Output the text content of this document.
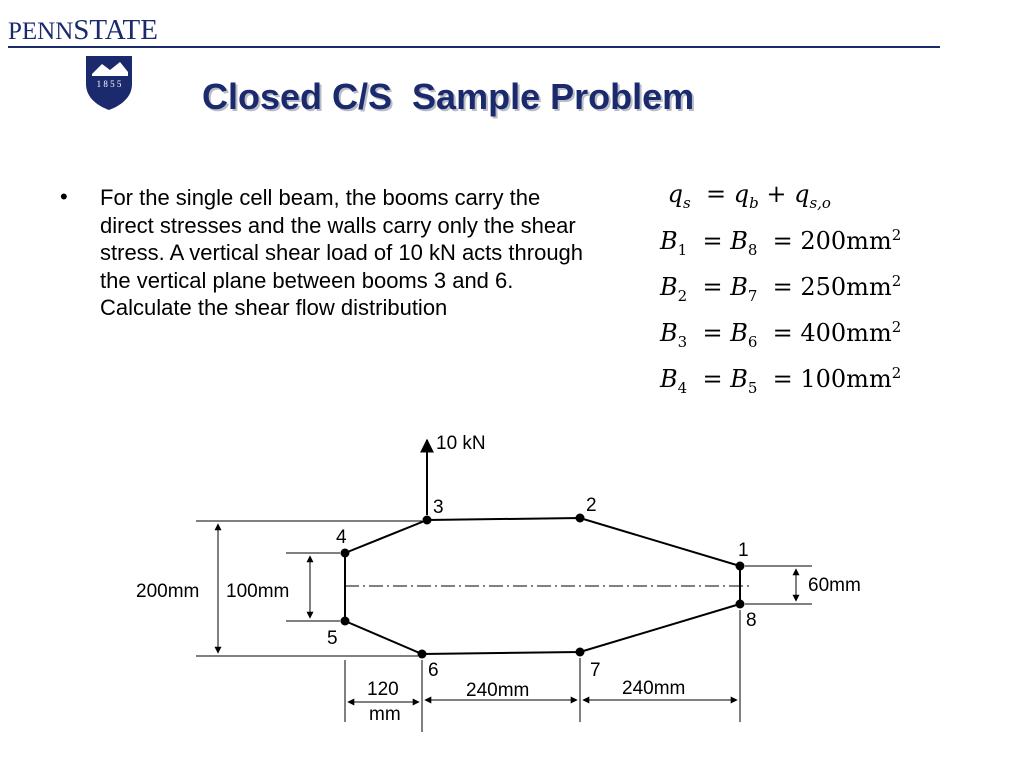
PENNSTATE
1 8 5 5 Closed C/S  Sample Problem
• For the single cell beam, the booms carry the direct stresses and the walls carry only the shear stress. A vertical shear load of 10 kN acts through the vertical plane between booms 3 and 6. Calculate the shear flow distribution
$q_s = q_b + q_{s,o}$
$B_1 = B_8 = 200mm^2$
$B_2 = B_7 = 250mm^2$
$B_3 = B_6 = 400mm^2$
$B_4 = B_5 = 100mm^2$
1
2
3
4
5
6	7
8
10 kN
200mm 100mm	60mm
120
mm
240mm	240mm
